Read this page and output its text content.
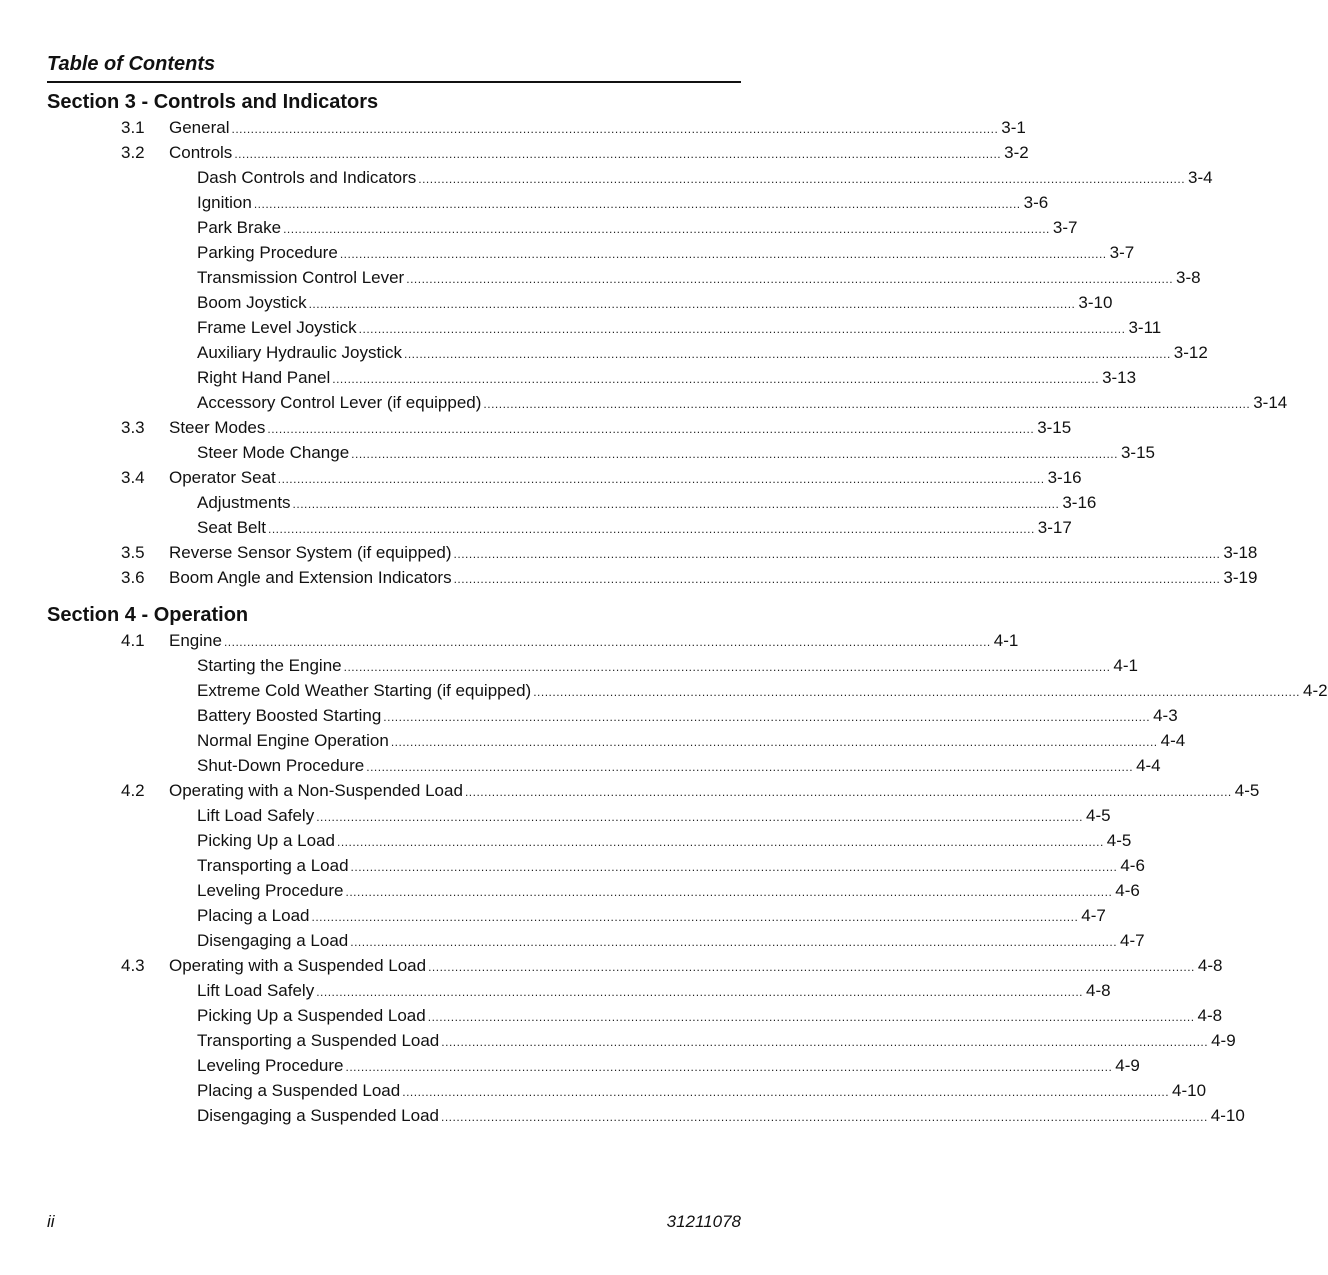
Table of Contents
Section 3 - Controls and Indicators
3.1	General .....	3-1
3.2	Controls .....	3-2
Dash Controls and Indicators .....	3-4
Ignition .....	3-6
Park Brake .....	3-7
Parking Procedure .....	3-7
Transmission Control Lever .....	3-8
Boom Joystick .....	3-10
Frame Level Joystick .....	3-11
Auxiliary Hydraulic Joystick .....	3-12
Right Hand Panel .....	3-13
Accessory Control Lever (if equipped) .....	3-14
3.3	Steer Modes .....	3-15
Steer Mode Change .....	3-15
3.4	Operator Seat .....	3-16
Adjustments .....	3-16
Seat Belt .....	3-17
3.5	Reverse Sensor System (if equipped) .....	3-18
3.6	Boom Angle and Extension Indicators .....	3-19
Section 4 - Operation
4.1	Engine .....	4-1
Starting the Engine .....	4-1
Extreme Cold Weather Starting (if equipped) .....	4-2
Battery Boosted Starting .....	4-3
Normal Engine Operation .....	4-4
Shut-Down Procedure .....	4-4
4.2	Operating with a Non-Suspended Load .....	4-5
Lift Load Safely .....	4-5
Picking Up a Load .....	4-5
Transporting a Load .....	4-6
Leveling Procedure .....	4-6
Placing a Load .....	4-7
Disengaging a Load .....	4-7
4.3	Operating with a Suspended Load .....	4-8
Lift Load Safely .....	4-8
Picking Up a Suspended Load .....	4-8
Transporting a Suspended Load .....	4-9
Leveling Procedure .....	4-9
Placing a Suspended Load .....	4-10
Disengaging a Suspended Load .....	4-10
ii	31211078
